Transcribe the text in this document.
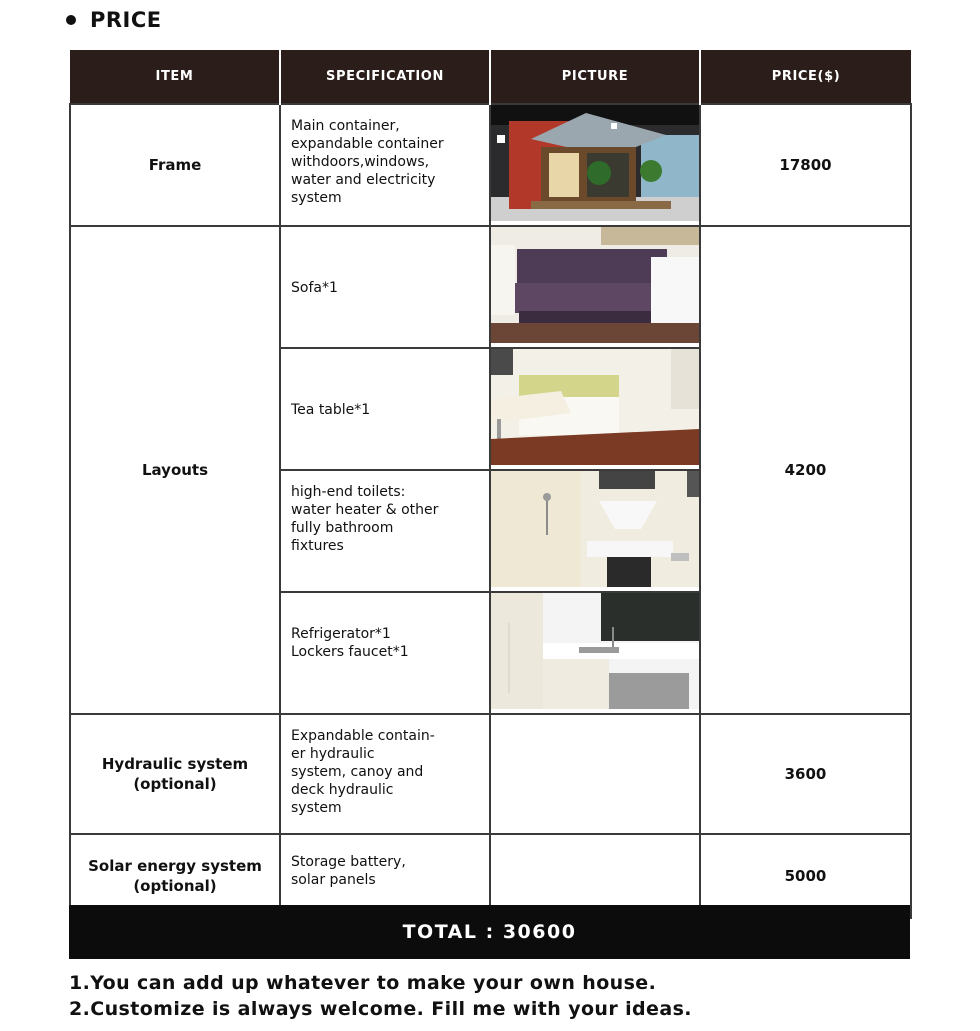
PRICE
ITEM	SPECIFICATION	PICTURE	PRICE($)
Frame	Main container,
expandable container
withdoors,windows,
water and electricity
system		17800
Layouts	Sofa*1		4200

	Tea table*1

	high-end toilets:
water heater & other
fully bathroom
fixtures

	Refrigerator*1
Lockers faucet*1

Hydraulic system
(optional)	Expandable contain-
er hydraulic
system, canoy and
deck hydraulic
system		3600

Solar energy system
(optional)	Storage battery,
solar panels		5000
TOTAL : 30600
1.You can add up whatever to make your own house.
2.Customize is always welcome. Fill me with your ideas.
